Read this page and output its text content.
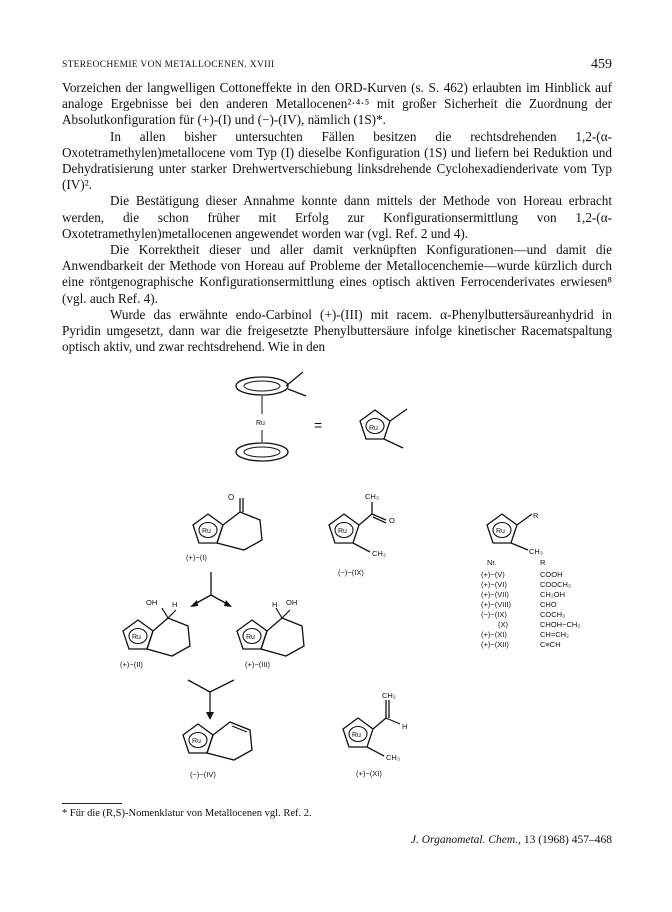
STEREOCHEMIE VON METALLOCENEN. XVIII	459

Vorzeichen der langwelligen Cottoneffekte in den ORD-Kurven (s. S. 462) erlaubten im Hinblick auf analoge Ergebnisse bei den anderen Metallocenen²·⁴·⁵ mit großer Sicherheit die Zuordnung der Absolutkonfiguration für (+)-(I) und (−)-(IV), nämlich (1S)*.

In allen bisher untersuchten Fällen besitzen die rechtsdrehenden 1,2-(α-Oxotetramethylen)metallocene vom Typ (I) dieselbe Konfiguration (1S) und liefern bei Reduktion und Dehydratisierung unter starker Drehwertverschiebung linksdrehende Cyclohexadienderivate vom Typ (IV)².

Die Bestätigung dieser Annahme konnte dann mittels der Methode von Horeau erbracht werden, die schon früher mit Erfolg zur Konfigurationsermittlung von 1,2-(α-Oxotetramethylen)metallocenen angewendet worden war (vgl. Ref. 2 und 4).

Die Korrektheit dieser und aller damit verknüpften Konfigurationen—und damit die Anwendbarkeit der Methode von Horeau auf Probleme der Metallocenchemie—wurde kürzlich durch eine röntgenographische Konfigurationsermittlung eines optisch aktiven Ferrocenderivates erwiesen⁸ (vgl. auch Ref. 4).

Wurde das erwähnte endo-Carbinol (+)-(III) mit racem. α-Phenylbuttersäureanhydrid in Pyridin umgesetzt, dann war die freigesetzte Phenylbuttersäure infolge kinetischer Racematspaltung optisch aktiv, und zwar rechtsdrehend. Wie in den

Ru	=	Ru
O
Ru
(+)−(I)
OH H
Ru
(+)−(II)
H OH
Ru
(+)−(III)
Ru
(−)−(IV)
CH₃
O
CH₃
Ru
(−)−(IX)
CH₂
H
CH₃
Ru
(+)−(XI)
R
CH₃
Ru
Nr.	R
(+)−(V)	COOH
(+)−(VI)	COOCH₃
(+)−(VII)	CH₂OH
(+)−(VIII)	CHO
(−)−(IX)	COCH₃
(X)	CHOH−CH₃
(+)−(XI)	CH=CH₂
(+)−(XII)	C≡CH
* Für die (R,S)-Nomenklatur von Metallocenen vgl. Ref. 2.
J. Organometal. Chem., 13 (1968) 457–468
